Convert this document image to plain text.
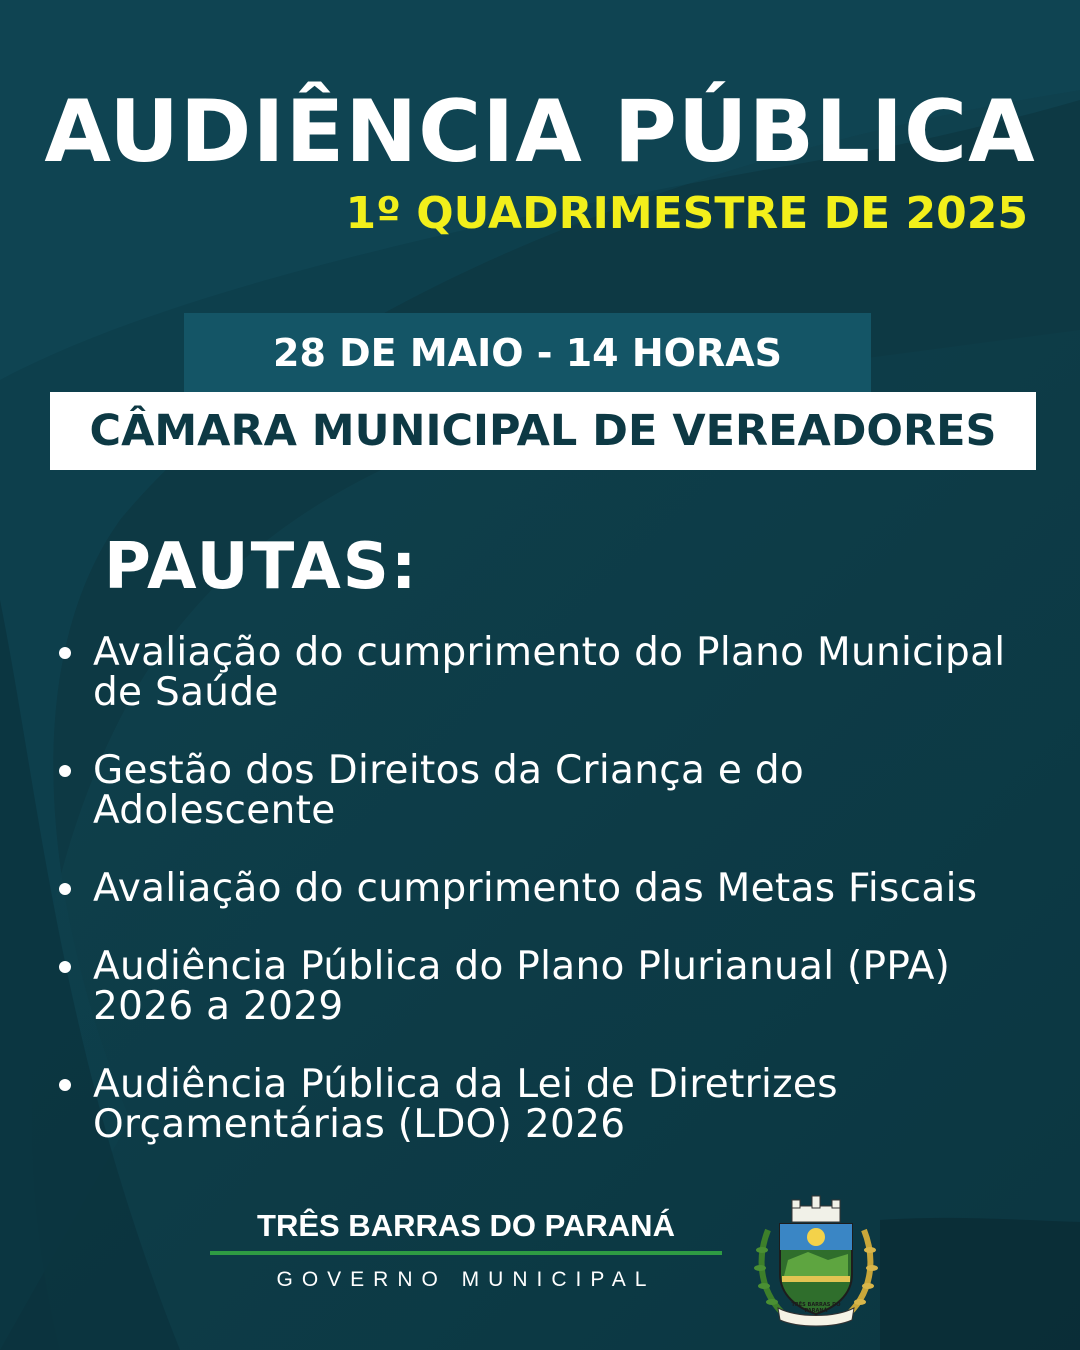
AUDIÊNCIA PÚBLICA
1º QUADRIMESTRE DE 2025
28 DE MAIO - 14 HORAS
CÂMARA MUNICIPAL DE VEREADORES
PAUTAS:
Avaliação do cumprimento do Plano Municipal
de Saúde
Gestão dos Direitos da Criança e do
Adolescente
Avaliação do cumprimento das Metas Fiscais
Audiência Pública do Plano Plurianual (PPA)
2026 a 2029
Audiência Pública da Lei de Diretrizes
Orçamentárias (LDO) 2026
TRÊS BARRAS DO PARANÁ
GOVERNO MUNICIPAL
TRÊS BARRAS DO PARANÁ
